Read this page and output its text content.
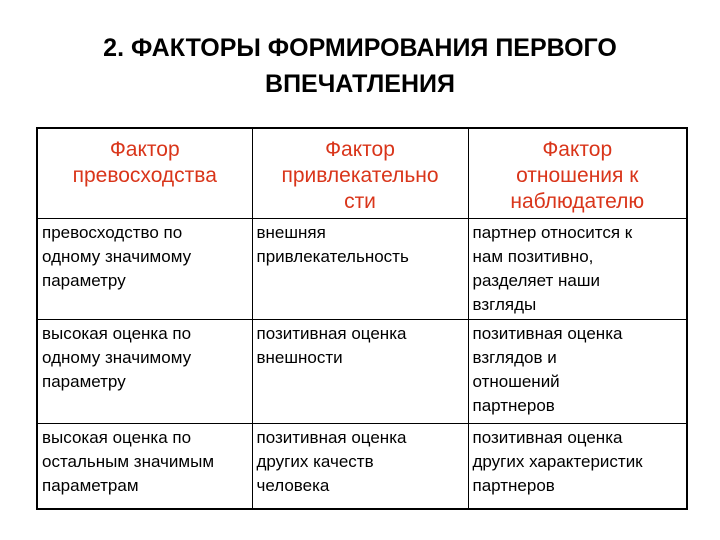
2. ФАКТОРЫ ФОРМИРОВАНИЯ ПЕРВОГО
ВПЕЧАТЛЕНИЯ
Фактор
превосходства	Фактор
привлекательно
сти	Фактор
отношения к
наблюдателю

превосходство по
одному значимому
параметру	внешняя
привлекательность	партнер относится к
нам позитивно,
разделяет наши
взгляды

высокая оценка по
одному значимому
параметру	позитивная оценка
внешности	позитивная оценка
взглядов и
отношений
партнеров

высокая оценка по
остальным значимым
параметрам	позитивная оценка
других качеств
человека	позитивная оценка
других характеристик
партнеров
